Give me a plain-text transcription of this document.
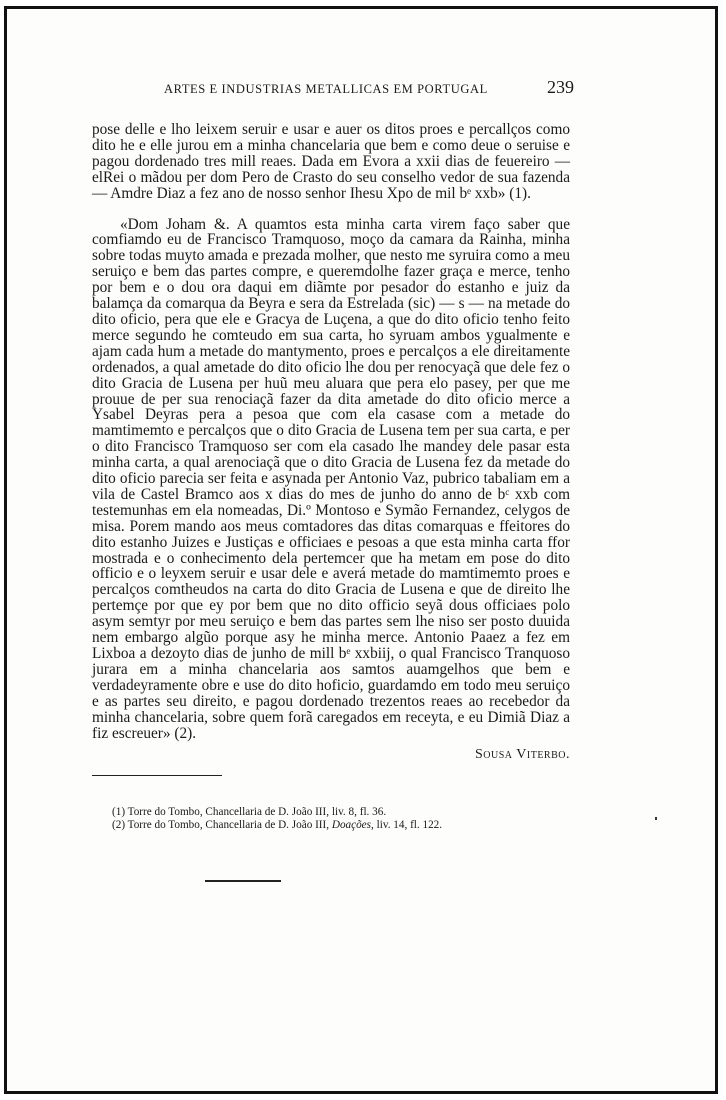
ARTES E INDUSTRIAS METALLICAS EM PORTUGAL	239

pose delle e lho leixem seruir e usar e auer os ditos proes e percallços como dito he e elle jurou em a minha chancelaria que bem e como deue o seruise e pagou dordenado tres mill reaes. Dada em Evora a xxii dias de feuereiro — elRei o mãdou per dom Pero de Crasto do seu conselho vedor de sua fazenda — Amdre Diaz a fez ano de nosso senhor Ihesu Xpo de mil bᵉ xxb» (1).

«Dom Joham &. A quamtos esta minha carta virem faço saber que comfiamdo eu de Francisco Tramquoso, moço da camara da Rainha, minha sobre todas muyto amada e prezada molher, que nesto me syruira como a meu seruiço e bem das partes compre, e queremdolhe fazer graça e merce, tenho por bem e o dou ora daqui em diãmte por pesador do estanho e juiz da balamça da comarqua da Beyra e sera da Estrelada (sic) — s — na metade do dito oficio, pera que ele e Gracya de Luçena, a que do dito oficio tenho feito merce segundo he comteudo em sua carta, ho syruam ambos ygualmente e ajam cada hum a metade do mantymento, proes e percalços a ele direitamente ordenados, a qual ametade do dito oficio lhe dou per renocyaçã que dele fez o dito Gracia de Lusena per huũ meu aluara que pera elo pasey, per que me prouue de per sua renociaçã fazer da dita ametade do dito oficio merce a Ysabel Deyras pera a pesoa que com ela casase com a metade do mamtimemto e percalços que o dito Gracia de Lusena tem per sua carta, e per o dito Francisco Tramquoso ser com ela casado lhe mandey dele pasar esta minha carta, a qual arenociaçã que o dito Gracia de Lusena fez da metade do dito oficio parecia ser feita e asynada per Antonio Vaz, pubrico tabaliam em a vila de Castel Bramco aos x dias do mes de junho do anno de bᶜ xxb com testemunhas em ela nomeadas, Di.º Montoso e Symão Fernandez, celygos de misa. Porem mando aos meus comtadores das ditas comarquas e ffeitores do dito estanho Juizes e Justiças e officiaes e pesoas a que esta minha carta ffor mostrada e o conhecimento dela pertemcer que ha metam em pose do dito officio e o leyxem seruir e usar dele e averá metade do mamtimemto proes e percalços comtheudos na carta do dito Gracia de Lusena e que de direito lhe pertemçe por que ey por bem que no dito officio seyã dous officiaes polo asym semtyr por meu seruiço e bem das partes sem lhe niso ser posto duuida nem embargo algũo porque asy he minha merce. Antonio Paaez a fez em Lixboa a dezoyto dias de junho de mill bᵉ xxbiij, o qual Francisco Tranquoso jurara em a minha chancelaria aos samtos auamgelhos que bem e verdadeyramente obre e use do dito hoficio, guardamdo em todo meu seruiço e as partes seu direito, e pagou dordenado trezentos reaes ao recebedor da minha chancelaria, sobre quem forã caregados em receyta, e eu Dimiã Diaz a fiz escreuer» (2).

Sousa Viterbo.

(1) Torre do Tombo, Chancellaria de D. João III, liv. 8, fl. 36.

(2) Torre do Tombo, Chancellaria de D. João III, Doações, liv. 14, fl. 122.
